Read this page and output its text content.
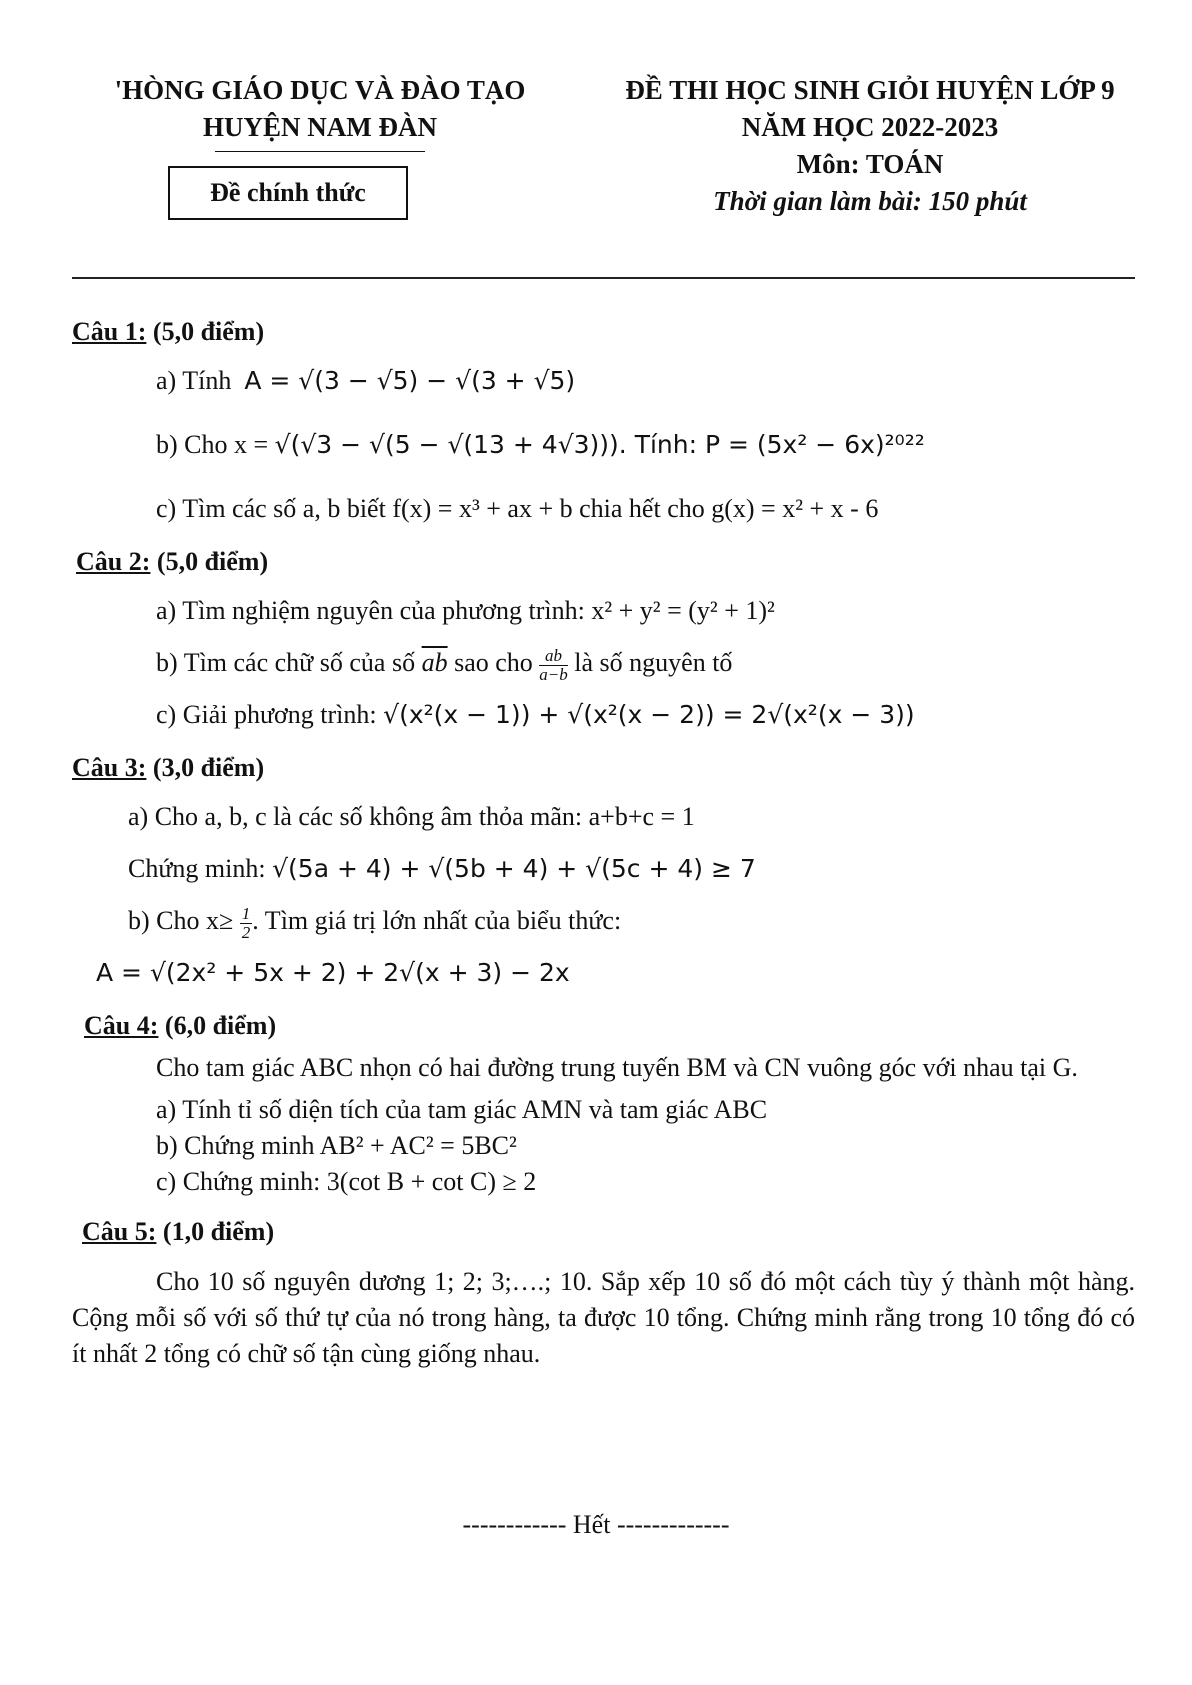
'HÒNG GIÁO DỤC VÀ ĐÀO TẠO
HUYỆN NAM ĐÀN
Đề chính thức
ĐỀ THI HỌC SINH GIỎI HUYỆN LỚP 9
NĂM HỌC 2022-2023
Môn: TOÁN
Thời gian làm bài: 150 phút
Câu 1: (5,0 điểm)
a) Tính A = √(3 − √5) − √(3 + √5)
b) Cho x = √(√3 − √(5 − √(13 + 4√3))). Tính: P = (5x² − 6x)²⁰²²
c) Tìm các số a, b biết f(x) = x³ + ax + b chia hết cho g(x) = x² + x - 6
Câu 2: (5,0 điểm)
a) Tìm nghiệm nguyên của phương trình: x² + y² = (y² + 1)²
b) Tìm các chữ số của số $\overline{ab}$ sao cho $\frac{ab}{a-b}$ là số nguyên tố
c) Giải phương trình: √(x²(x − 1)) + √(x²(x − 2)) = 2√(x²(x − 3))
Câu 3: (3,0 điểm)
a) Cho a, b, c là các số không âm thỏa mãn: a+b+c = 1
Chứng minh: √(5a + 4) + √(5b + 4) + √(5c + 4) ≥ 7
b) Cho $x\ge \frac{1}{2}$ . Tìm giá trị lớn nhất của biểu thức:
A = √(2x² + 5x + 2) + 2√(x + 3) − 2x
Câu 4: (6,0 điểm)
Cho tam giác ABC nhọn có hai đường trung tuyến BM và CN vuông góc với nhau tại G.
a) Tính tỉ số diện tích của tam giác AMN và tam giác ABC
b) Chứng minh AB² + AC² = 5BC²
c) Chứng minh: 3(cot B + cot C) ≥ 2
Câu 5: (1,0 điểm)
Cho 10 số nguyên dương 1; 2; 3;….; 10. Sắp xếp 10 số đó một cách tùy ý thành một hàng. Cộng mỗi số với số thứ tự của nó trong hàng, ta được 10 tổng. Chứng minh rằng trong 10 tổng đó có ít nhất 2 tổng có chữ số tận cùng giống nhau.
------------ Hết -------------
